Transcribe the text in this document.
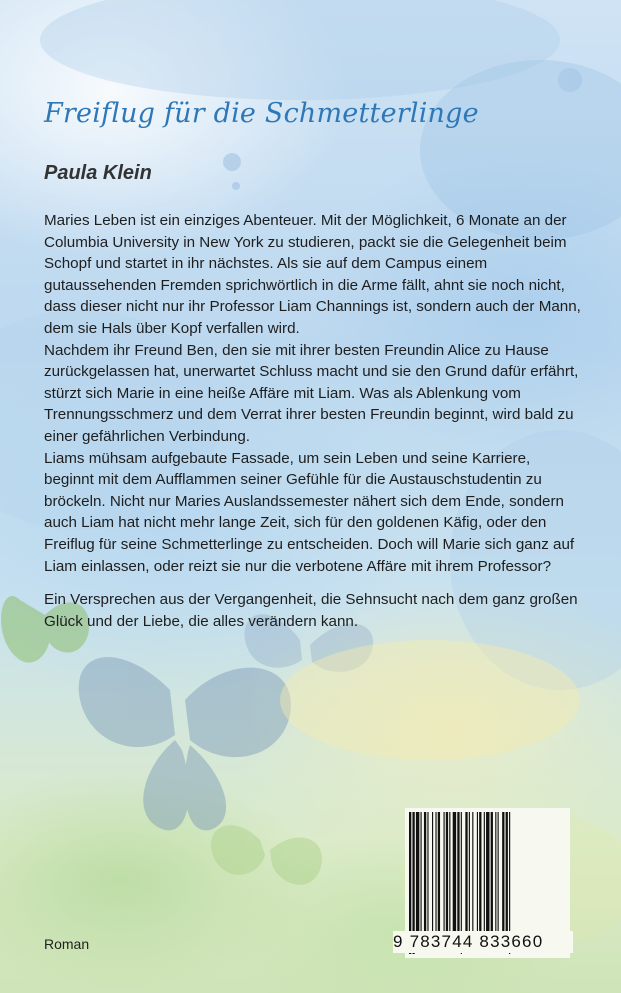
Freiflug für die Schmetterlinge
Paula Klein

Maries Leben ist ein einziges Abenteuer. Mit der Möglichkeit, 6 Monate an der Columbia University in New York zu studieren, packt sie die Gelegenheit beim Schopf und startet in ihr nächstes. Als sie auf dem Campus einem gutaussehenden Fremden sprichwörtlich in die Arme fällt, ahnt sie noch nicht, dass dieser nicht nur ihr Professor Liam Channings ist, sondern auch der Mann, dem sie Hals über Kopf verfallen wird.

Nachdem ihr Freund Ben, den sie mit ihrer besten Freundin Alice zu Hause zurückgelassen hat, unerwartet Schluss macht und sie den Grund dafür erfährt, stürzt sich Marie in eine heiße Affäre mit Liam. Was als Ablenkung vom Trennungsschmerz und dem Verrat ihrer besten Freundin beginnt, wird bald zu einer gefährlichen Verbindung.

Liams mühsam aufgebaute Fassade, um sein Leben und seine Karriere, beginnt mit dem Aufflammen seiner Gefühle für die Austauschstudentin zu bröckeln. Nicht nur Maries Auslandssemester nähert sich dem Ende, sondern auch Liam hat nicht mehr lange Zeit, sich für den goldenen Käfig, oder den Freiflug für seine Schmetterlinge zu entscheiden. Doch will Marie sich ganz auf Liam einlassen, oder reizt sie nur die verbotene Affäre mit ihrem Professor?

Ein Versprechen aus der Vergangenheit, die Sehnsucht nach dem ganz großen Glück und der Liebe, die alles verändern kann.

Roman	9 783744 833660
